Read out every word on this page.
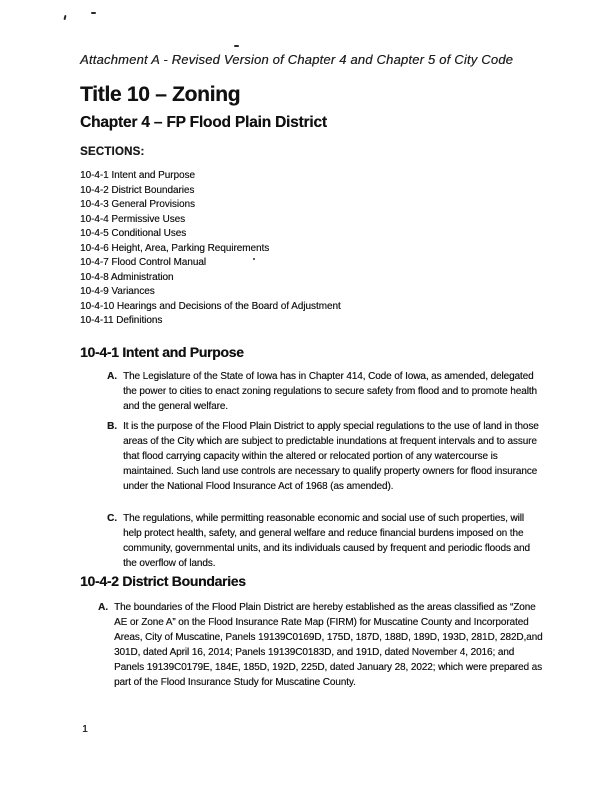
Attachment A - Revised Version of Chapter 4 and Chapter 5 of City Code
Title 10 – Zoning
Chapter 4 – FP Flood Plain District
SECTIONS:
10-4-1 Intent and Purpose
10-4-2 District Boundaries
10-4-3 General Provisions
10-4-4 Permissive Uses
10-4-5 Conditional Uses
10-4-6 Height, Area, Parking Requirements
10-4-7 Flood Control Manual
10-4-8 Administration
10-4-9 Variances
10-4-10 Hearings and Decisions of the Board of Adjustment
10-4-11 Definitions
10-4-1 Intent and Purpose
A. The Legislature of the State of Iowa has in Chapter 414, Code of Iowa, as amended, delegated the power to cities to enact zoning regulations to secure safety from flood and to promote health and the general welfare.
B. It is the purpose of the Flood Plain District to apply special regulations to the use of land in those areas of the City which are subject to predictable inundations at frequent intervals and to assure that flood carrying capacity within the altered or relocated portion of any watercourse is maintained. Such land use controls are necessary to qualify property owners for flood insurance under the National Flood Insurance Act of 1968 (as amended).
C. The regulations, while permitting reasonable economic and social use of such properties, will help protect health, safety, and general welfare and reduce financial burdens imposed on the community, governmental units, and its individuals caused by frequent and periodic floods and the overflow of lands.
10-4-2 District Boundaries
A. The boundaries of the Flood Plain District are hereby established as the areas classified as “Zone AE or Zone A” on the Flood Insurance Rate Map (FIRM) for Muscatine County and Incorporated Areas, City of Muscatine, Panels 19139C0169D, 175D, 187D, 188D, 189D, 193D, 281D, 282D,and 301D, dated April 16, 2014; Panels 19139C0183D, and 191D, dated November 4, 2016; and Panels 19139C0179E, 184E, 185D, 192D, 225D, dated January 28, 2022; which were prepared as part of the Flood Insurance Study for Muscatine County.
1
